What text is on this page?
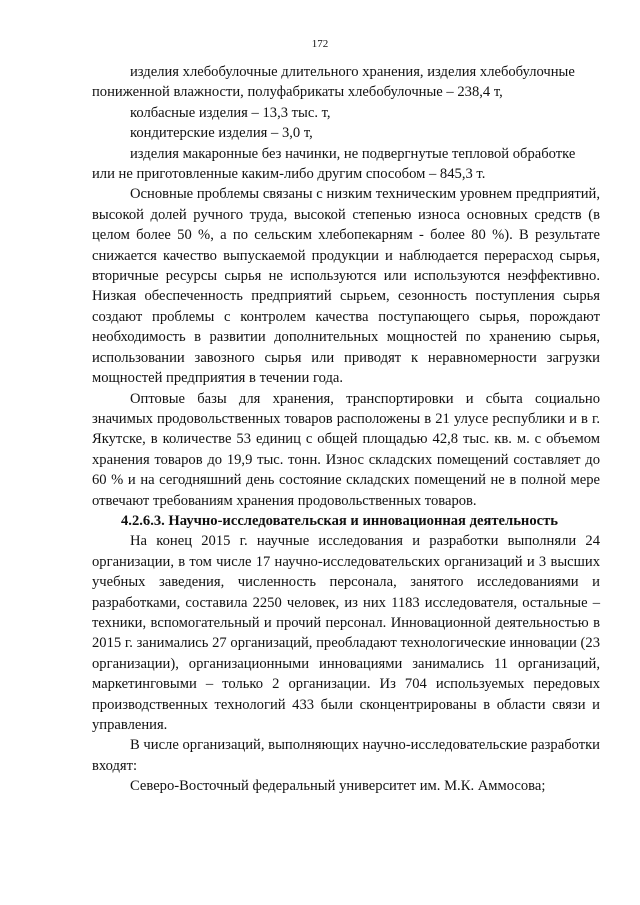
172

изделия хлебобулочные длительного хранения, изделия хлебобулочные пониженной влажности, полуфабрикаты хлебобулочные – 238,4 т,

колбасные изделия – 13,3 тыс. т,

кондитерские изделия – 3,0 т,

изделия макаронные без начинки, не подвергнутые тепловой обработке или не приготовленные каким-либо другим способом – 845,3 т.

Основные проблемы связаны с низким техническим уровнем предприятий, высокой долей ручного труда, высокой степенью износа основных средств (в целом более 50 %, а по сельским хлебопекарням - более 80 %). В результате снижается качество выпускаемой продукции и наблюдается перерасход сырья, вторичные ресурсы сырья не используются или используются неэффективно. Низкая обеспеченность предприятий сырьем, сезонность поступления сырья создают проблемы с контролем качества поступающего сырья, порождают необходимость в развитии дополнительных мощностей по хранению сырья, использовании завозного сырья или приводят к неравномерности загрузки мощностей предприятия в течении года.

Оптовые базы для хранения, транспортировки и сбыта социально значимых продовольственных товаров расположены в 21 улусе республики и в г. Якутске, в количестве 53 единиц с общей площадью 42,8 тыс. кв. м. с объемом хранения товаров до 19,9 тыс. тонн. Износ складских помещений составляет до 60 % и на сегодняшний день состояние складских помещений не в полной мере отвечают требованиям хранения продовольственных товаров.

4.2.6.3. Научно-исследовательская и инновационная деятельность

На конец 2015 г. научные исследования и разработки выполняли 24 организации, в том числе 17 научно-исследовательских организаций и 3 высших учебных заведения, численность персонала, занятого исследованиями и разработками, составила 2250 человек, из них 1183 исследователя, остальные – техники, вспомогательный и прочий персонал. Инновационной деятельностью в 2015 г. занимались 27 организаций, преобладают технологические инновации (23 организации), организационными инновациями занимались 11 организаций, маркетинговыми – только 2 организации. Из 704 используемых передовых производственных технологий 433 были сконцентрированы в области связи и управления.

В числе организаций, выполняющих научно-исследовательские разработки входят:

Северо-Восточный федеральный университет им. М.К. Аммосова;
